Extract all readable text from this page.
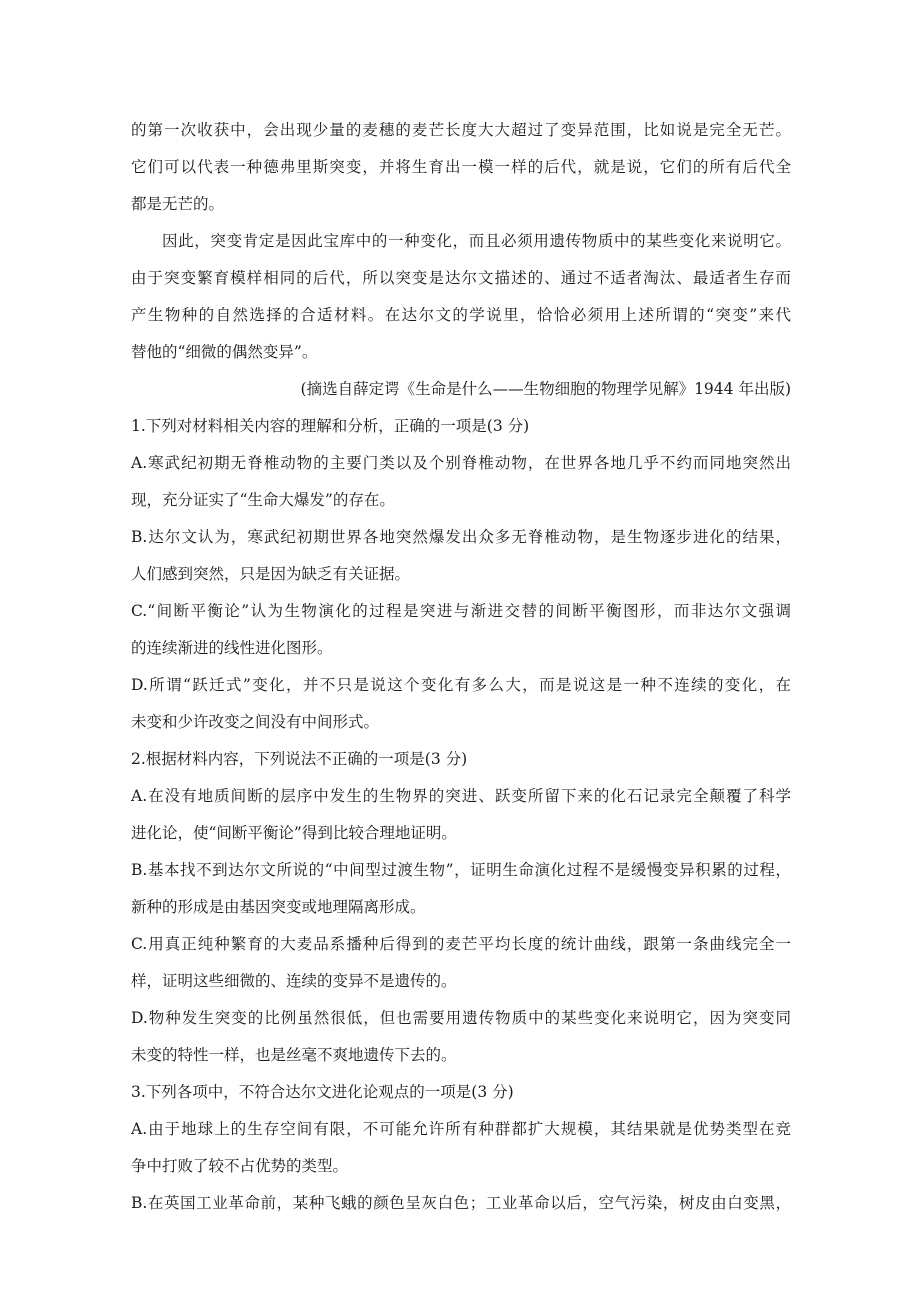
的第一次收获中，会出现少量的麦穗的麦芒长度大大超过了变异范围，比如说是完全无芒。

它们可以代表一种德弗里斯突变，并将生育出一模一样的后代，就是说，它们的所有后代全

都是无芒的。

因此，突变肯定是因此宝库中的一种变化，而且必须用遗传物质中的某些变化来说明它。

由于突变繁育模样相同的后代，所以突变是达尔文描述的、通过不适者淘汰、最适者生存而

产生物种的自然选择的合适材料。在达尔文的学说里，恰恰必须用上述所谓的“突变”来代

替他的“细微的偶然变异”。

(摘选自薛定谔《生命是什么——生物细胞的物理学见解》1944 年出版)

1.下列对材料相关内容的理解和分析，正确的一项是(3 分)

A.寒武纪初期无脊椎动物的主要门类以及个别脊椎动物，在世界各地几乎不约而同地突然出

现，充分证实了“生命大爆发”的存在。

B.达尔文认为，寒武纪初期世界各地突然爆发出众多无脊椎动物，是生物逐步进化的结果，

人们感到突然，只是因为缺乏有关证据。

C.“间断平衡论”认为生物演化的过程是突进与渐进交替的间断平衡图形，而非达尔文强调

的连续渐进的线性进化图形。

D.所谓“跃迁式”变化，并不只是说这个变化有多么大，而是说这是一种不连续的变化，在

未变和少许改变之间没有中间形式。

2.根据材料内容，下列说法不正确的一项是(3 分)

A.在没有地质间断的层序中发生的生物界的突进、跃变所留下来的化石记录完全颠覆了科学

进化论，使“间断平衡论”得到比较合理地证明。

B.基本找不到达尔文所说的“中间型过渡生物”，证明生命演化过程不是缓慢变异积累的过程，

新种的形成是由基因突变或地理隔离形成。

C.用真正纯种繁育的大麦品系播种后得到的麦芒平均长度的统计曲线，跟第一条曲线完全一

样，证明这些细微的、连续的变异不是遗传的。

D.物种发生突变的比例虽然很低，但也需要用遗传物质中的某些变化来说明它，因为突变同

未变的特性一样，也是丝毫不爽地遗传下去的。

3.下列各项中，不符合达尔文进化论观点的一项是(3 分)

A.由于地球上的生存空间有限，不可能允许所有种群都扩大规模，其结果就是优势类型在竞

争中打败了较不占优势的类型。

B.在英国工业革命前，某种飞蛾的颜色呈灰白色；工业革命以后，空气污染，树皮由白变黑，
